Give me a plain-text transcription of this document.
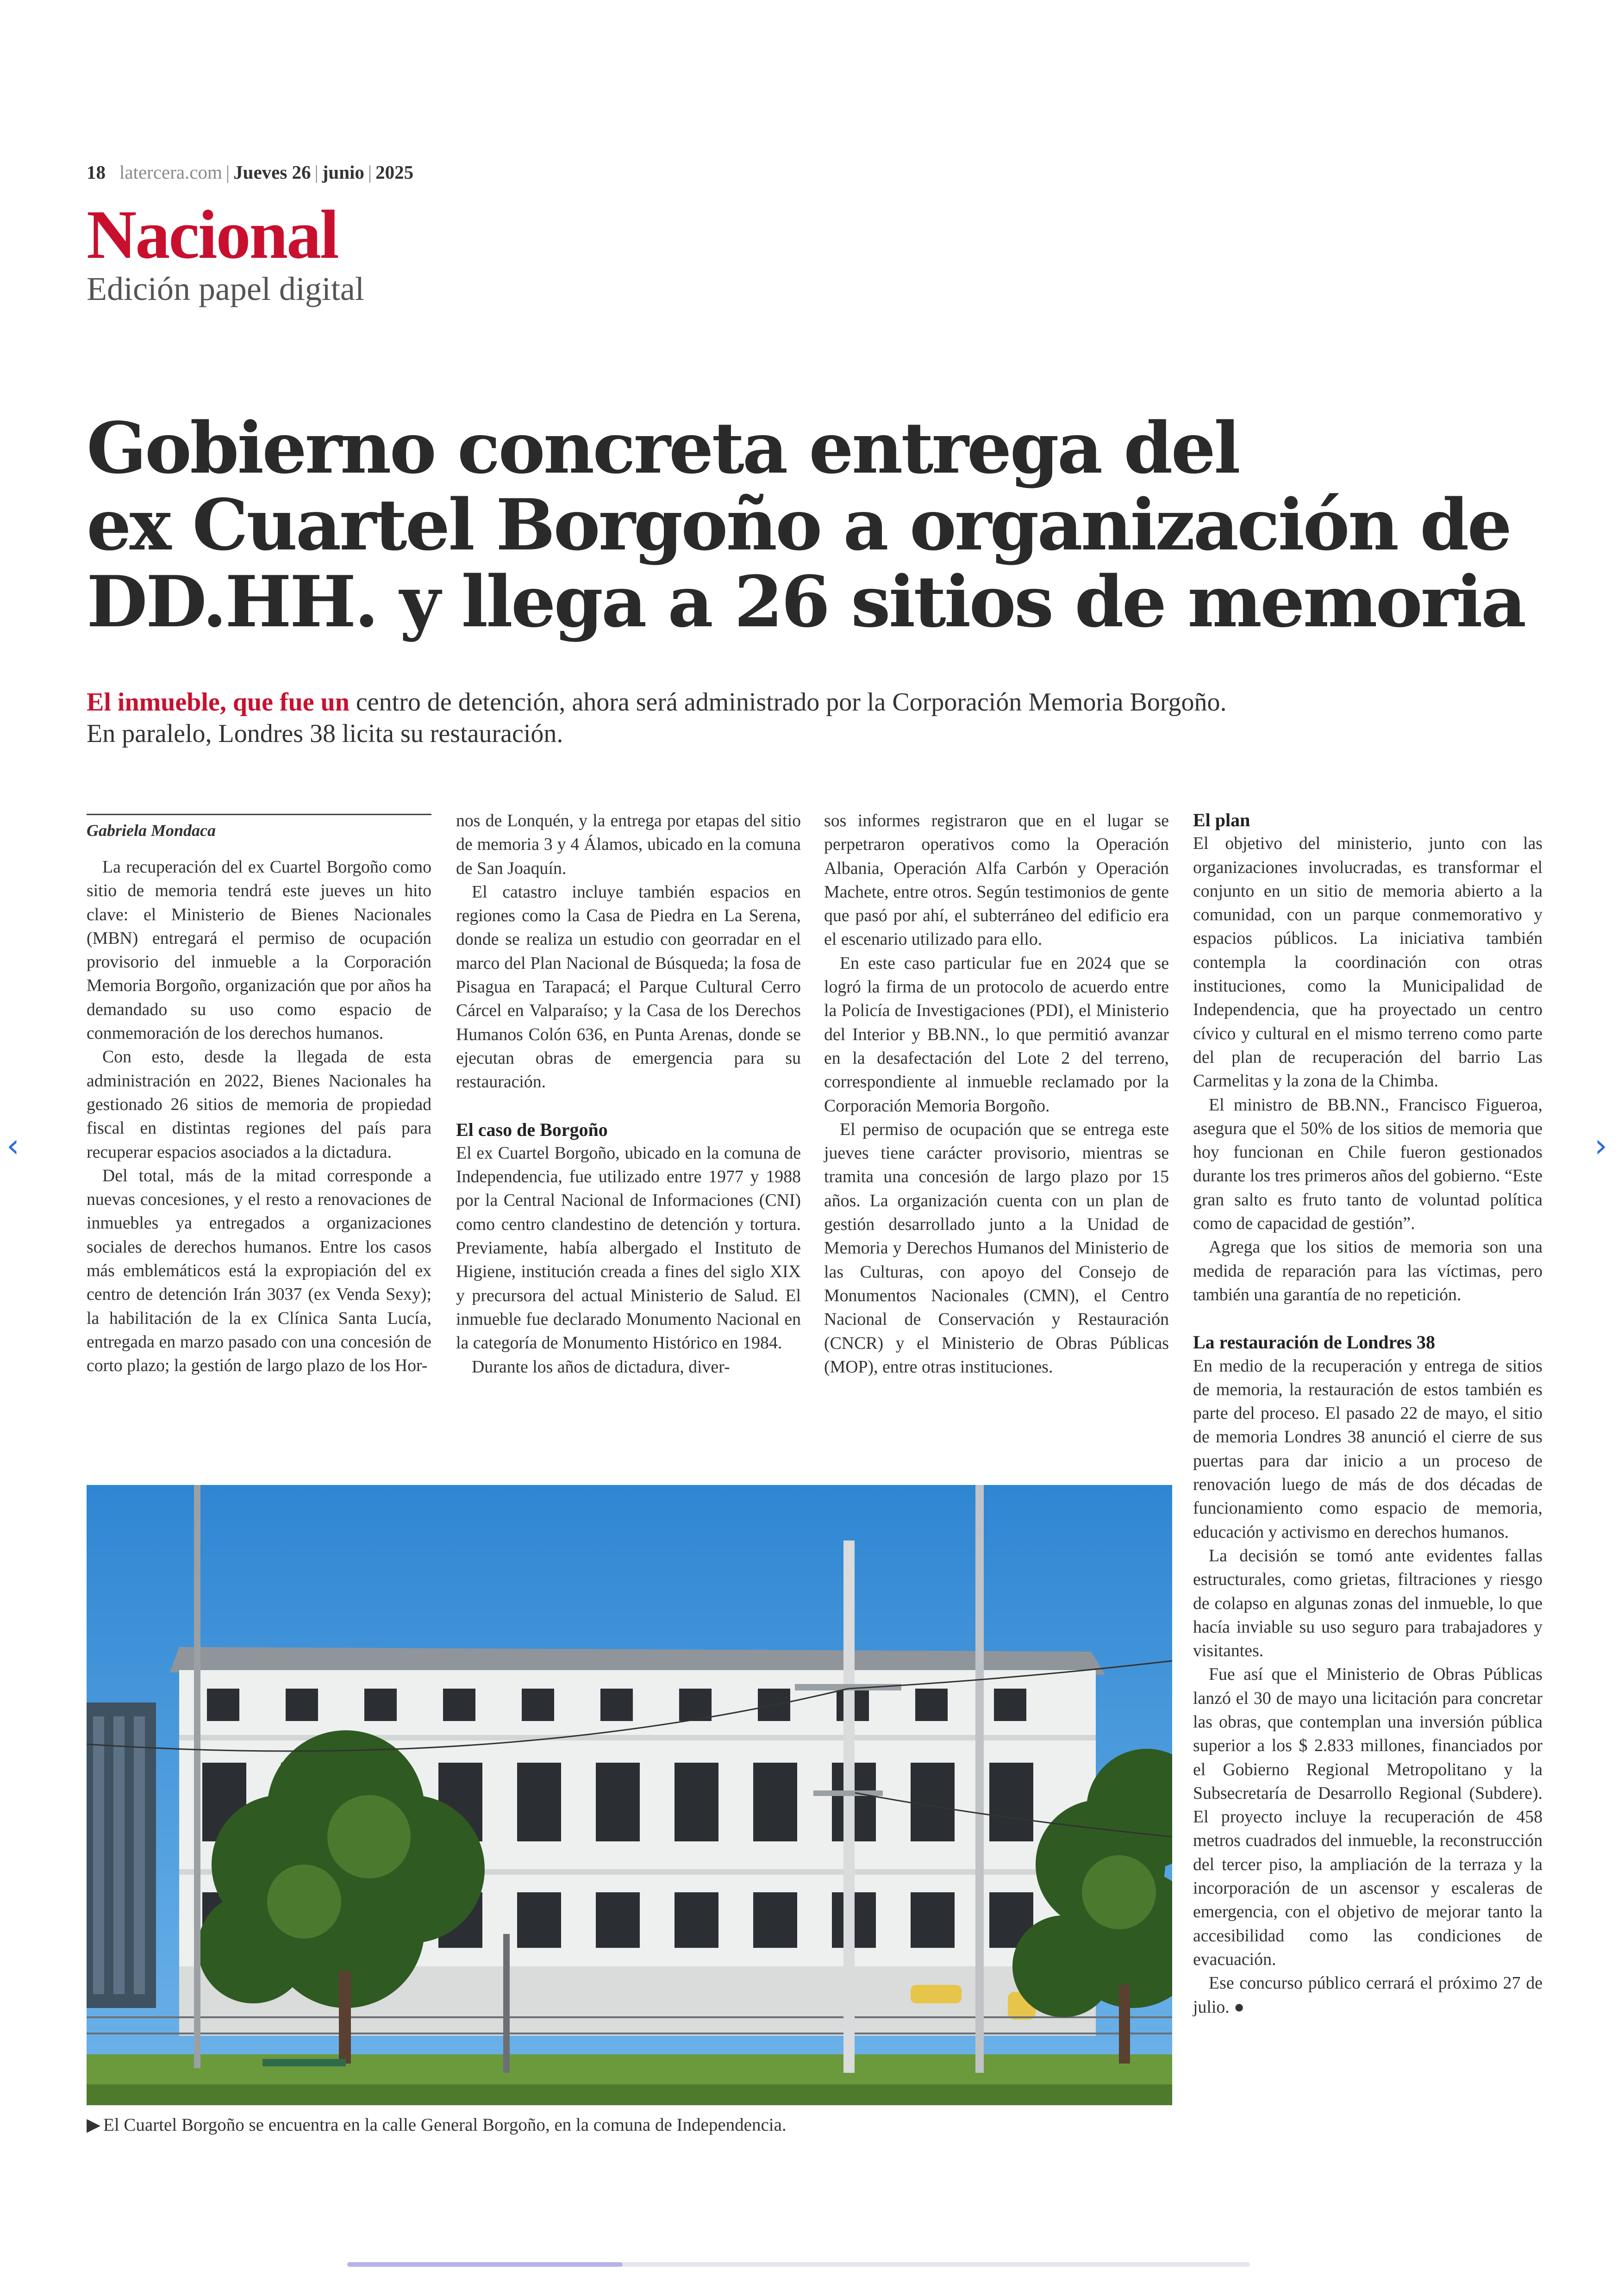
18 latercera.com | Jueves 26 | junio | 2025
Nacional
Edición papel digital
Gobierno concreta entrega del
ex Cuartel Borgoño a organización de
DD.HH. y llega a 26 sitios de memoria

El inmueble, que fue un centro de detención, ahora será administrado por la Corporación Memoria Borgoño. En paralelo, Londres 38 licita su restauración.

Gabriela Mondaca

La recuperación del ex Cuartel Borgoño como sitio de memoria tendrá este jueves un hito clave: el Ministerio de Bienes Nacionales (MBN) entregará el permiso de ocupación provisorio del inmueble a la Corporación Memoria Borgoño, organización que por años ha demandado su uso como espacio de conmemoración de los derechos humanos.

Con esto, desde la llegada de esta administración en 2022, Bienes Nacionales ha gestionado 26 sitios de memoria de propiedad fiscal en distintas regiones del país para recuperar espacios asociados a la dictadura.

Del total, más de la mitad corresponde a nuevas concesiones, y el resto a renovaciones de inmuebles ya entregados a organizaciones sociales de derechos humanos. Entre los casos más emblemáticos está la expropiación del ex centro de detención Irán 3037 (ex Venda Sexy); la habilitación de la ex Clínica Santa Lucía, entregada en marzo pasado con una concesión de corto plazo; la gestión de largo plazo de los Hor-

nos de Lonquén, y la entrega por etapas del sitio de memoria 3 y 4 Álamos, ubicado en la comuna de San Joaquín.

El catastro incluye también espacios en regiones como la Casa de Piedra en La Serena, donde se realiza un estudio con georradar en el marco del Plan Nacional de Búsqueda; la fosa de Pisagua en Tarapacá; el Parque Cultural Cerro Cárcel en Valparaíso; y la Casa de los Derechos Humanos Colón 636, en Punta Arenas, donde se ejecutan obras de emergencia para su restauración.

El caso de Borgoño

El ex Cuartel Borgoño, ubicado en la comuna de Independencia, fue utilizado entre 1977 y 1988 por la Central Nacional de Informaciones (CNI) como centro clandestino de detención y tortura. Previamente, había albergado el Instituto de Higiene, institución creada a fines del siglo XIX y precursora del actual Ministerio de Salud. El inmueble fue declarado Monumento Nacional en la categoría de Monumento Histórico en 1984.

Durante los años de dictadura, diver-

sos informes registraron que en el lugar se perpetraron operativos como la Operación Albania, Operación Alfa Carbón y Operación Machete, entre otros. Según testimonios de gente que pasó por ahí, el subterráneo del edificio era el escenario utilizado para ello.

En este caso particular fue en 2024 que se logró la firma de un protocolo de acuerdo entre la Policía de Investigaciones (PDI), el Ministerio del Interior y BB.NN., lo que permitió avanzar en la desafectación del Lote 2 del terreno, correspondiente al inmueble reclamado por la Corporación Memoria Borgoño.

El permiso de ocupación que se entrega este jueves tiene carácter provisorio, mientras se tramita una concesión de largo plazo por 15 años. La organización cuenta con un plan de gestión desarrollado junto a la Unidad de Memoria y Derechos Humanos del Ministerio de las Culturas, con apoyo del Consejo de Monumentos Nacionales (CMN), el Centro Nacional de Conservación y Restauración (CNCR) y el Ministerio de Obras Públicas (MOP), entre otras instituciones.

El plan

El objetivo del ministerio, junto con las organizaciones involucradas, es transformar el conjunto en un sitio de memoria abierto a la comunidad, con un parque conmemorativo y espacios públicos. La iniciativa también contempla la coordinación con otras instituciones, como la Municipalidad de Independencia, que ha proyectado un centro cívico y cultural en el mismo terreno como parte del plan de recuperación del barrio Las Carmelitas y la zona de la Chimba.

El ministro de BB.NN., Francisco Figueroa, asegura que el 50% de los sitios de memoria que hoy funcionan en Chile fueron gestionados durante los tres primeros años del gobierno. “Este gran salto es fruto tanto de voluntad política como de capacidad de gestión”.

Agrega que los sitios de memoria son una medida de reparación para las víctimas, pero también una garantía de no repetición.

La restauración de Londres 38

En medio de la recuperación y entrega de sitios de memoria, la restauración de estos también es parte del proceso. El pasado 22 de mayo, el sitio de memoria Londres 38 anunció el cierre de sus puertas para dar inicio a un proceso de renovación luego de más de dos décadas de funcionamiento como espacio de memoria, educación y activismo en derechos humanos.

La decisión se tomó ante evidentes fallas estructurales, como grietas, filtraciones y riesgo de colapso en algunas zonas del inmueble, lo que hacía inviable su uso seguro para trabajadores y visitantes.

Fue así que el Ministerio de Obras Públicas lanzó el 30 de mayo una licitación para concretar las obras, que contemplan una inversión pública superior a los $ 2.833 millones, financiados por el Gobierno Regional Metropolitano y la Subsecretaría de Desarrollo Regional (Subdere). El proyecto incluye la recuperación de 458 metros cuadrados del inmueble, la reconstrucción del tercer piso, la ampliación de la terraza y la incorporación de un ascensor y escaleras de emergencia, con el objetivo de mejorar tanto la accesibilidad como las condiciones de evacuación.

Ese concurso público cerrará el próximo 27 de julio. ●

▶ El Cuartel Borgoño se encuentra en la calle General Borgoño, en la comuna de Independencia.
‹	›
